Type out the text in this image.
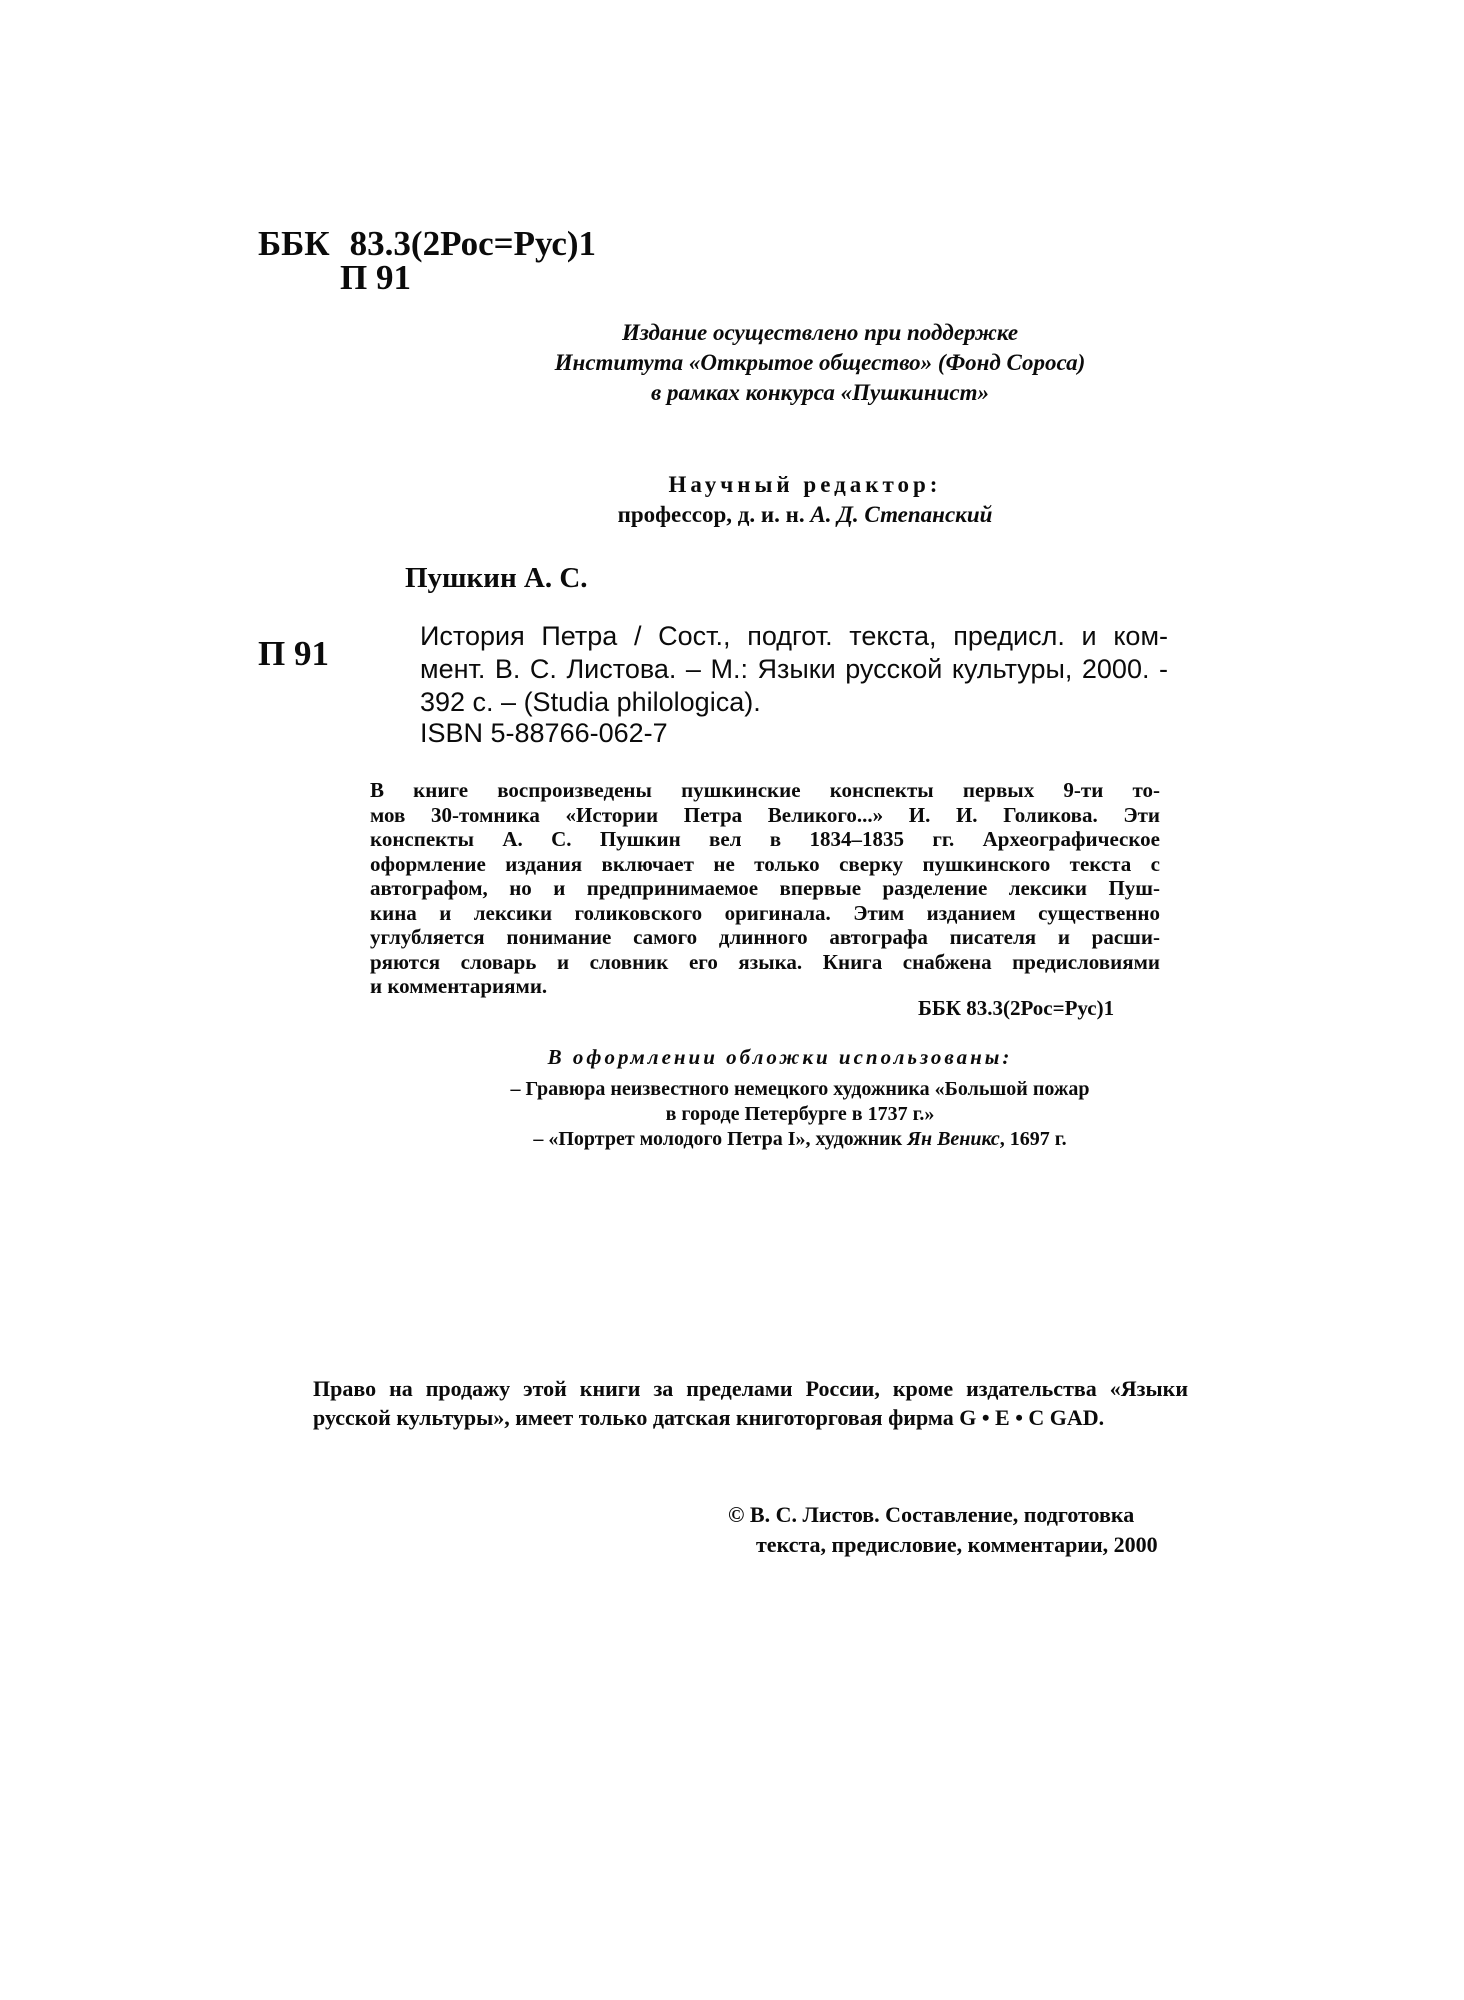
ББК 83.3(2Рос=Рус)1
П 91
Издание осуществлено при поддержке
Института «Открытое общество» (Фонд Сороса)
в рамках конкурса «Пушкинист»
Научный редактор:
профессор, д. и. н. А. Д. Степанский
Пушкин А. С.
П 91	История Петра / Сост., подгот. текста, предисл. и ком-
мент. В. С. Листова. – М.: Языки русской культуры, 2000. -
392 с. – (Studia philologica).
ISBN 5-88766-062-7
В книге воспроизведены пушкинские конспекты первых 9-ти то-
мов 30-томника «Истории Петра Великого...» И. И. Голикова. Эти
конспекты А. С. Пушкин вел в 1834–1835 гг. Археографическое
оформление издания включает не только сверку пушкинского текста с
автографом, но и предпринимаемое впервые разделение лексики Пуш-
кина и лексики голиковского оригинала. Этим изданием существенно
углубляется понимание самого длинного автографа писателя и расши-
ряются словарь и словник его языка. Книга снабжена предисловиями
и комментариями.
ББК 83.3(2Рос=Рус)1
В оформлении обложки использованы:
– Гравюра неизвестного немецкого художника «Большой пожар
в городе Петербурге в 1737 г.»
– «Портрет молодого Петра I», художник Ян Веникс, 1697 г.
Право на продажу этой книги за пределами России, кроме издательства «Языки
русской культуры», имеет только датская книготорговая фирма G • E • C GAD.
© В. С. Листов. Составление, подготовка
текста, предисловие, комментарии, 2000
